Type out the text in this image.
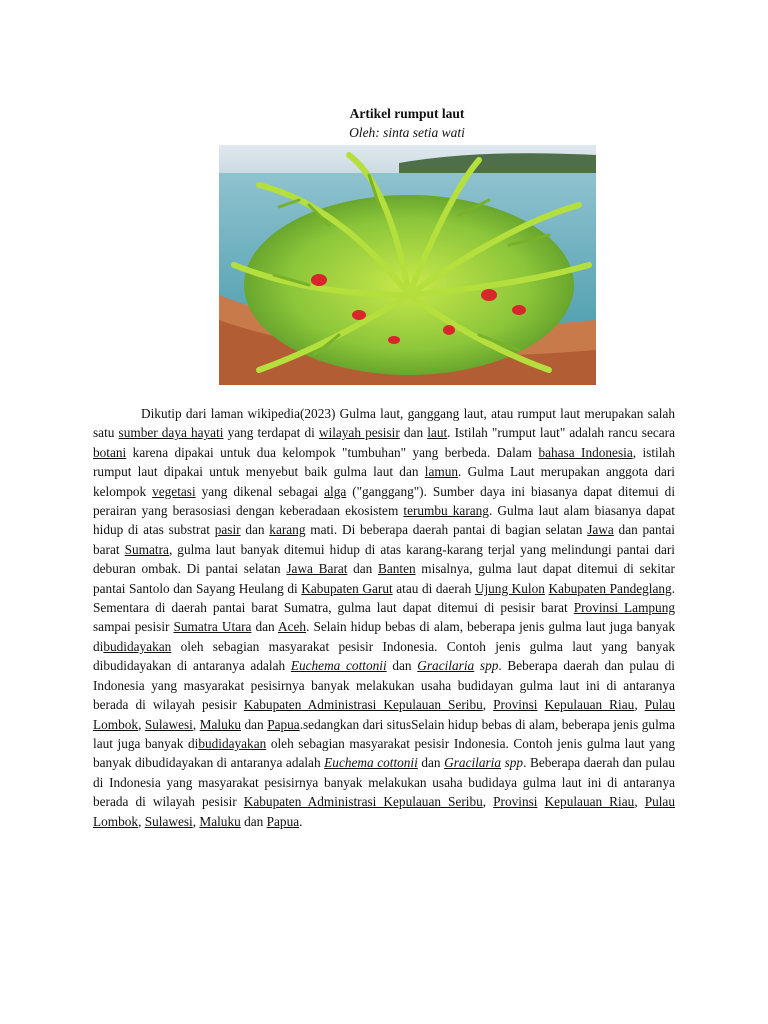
Artikel rumput laut
Oleh: sinta setia wati

Dikutip dari laman wikipedia(2023) Gulma laut, ganggang laut, atau rumput laut merupakan salah satu sumber daya hayati yang terdapat di wilayah pesisir dan laut. Istilah "rumput laut" adalah rancu secara botani karena dipakai untuk dua kelompok "tumbuhan" yang berbeda. Dalam bahasa Indonesia, istilah rumput laut dipakai untuk menyebut baik gulma laut dan lamun. Gulma Laut merupakan anggota dari kelompok vegetasi yang dikenal sebagai alga ("ganggang"). Sumber daya ini biasanya dapat ditemui di perairan yang berasosiasi dengan keberadaan ekosistem terumbu karang. Gulma laut alam biasanya dapat hidup di atas substrat pasir dan karang mati. Di beberapa daerah pantai di bagian selatan Jawa dan pantai barat Sumatra, gulma laut banyak ditemui hidup di atas karang-karang terjal yang melindungi pantai dari deburan ombak. Di pantai selatan Jawa Barat dan Banten misalnya, gulma laut dapat ditemui di sekitar pantai Santolo dan Sayang Heulang di Kabupaten Garut atau di daerah Ujung Kulon Kabupaten Pandeglang. Sementara di daerah pantai barat Sumatra, gulma laut dapat ditemui di pesisir barat Provinsi Lampung sampai pesisir Sumatra Utara dan Aceh. Selain hidup bebas di alam, beberapa jenis gulma laut juga banyak dibudidayakan oleh sebagian masyarakat pesisir Indonesia. Contoh jenis gulma laut yang banyak dibudidayakan di antaranya adalah Euchema cottonii dan Gracilaria spp. Beberapa daerah dan pulau di Indonesia yang masyarakat pesisirnya banyak melakukan usaha budidayan gulma laut ini di antaranya berada di wilayah pesisir Kabupaten Administrasi Kepulauan Seribu, Provinsi Kepulauan Riau, Pulau Lombok, Sulawesi, Maluku dan Papua.sedangkan dari situsSelain hidup bebas di alam, beberapa jenis gulma laut juga banyak dibudidayakan oleh sebagian masyarakat pesisir Indonesia. Contoh jenis gulma laut yang banyak dibudidayakan di antaranya adalah Euchema cottonii dan Gracilaria spp. Beberapa daerah dan pulau di Indonesia yang masyarakat pesisirnya banyak melakukan usaha budidaya gulma laut ini di antaranya berada di wilayah pesisir Kabupaten Administrasi Kepulauan Seribu, Provinsi Kepulauan Riau, Pulau Lombok, Sulawesi, Maluku dan Papua.
